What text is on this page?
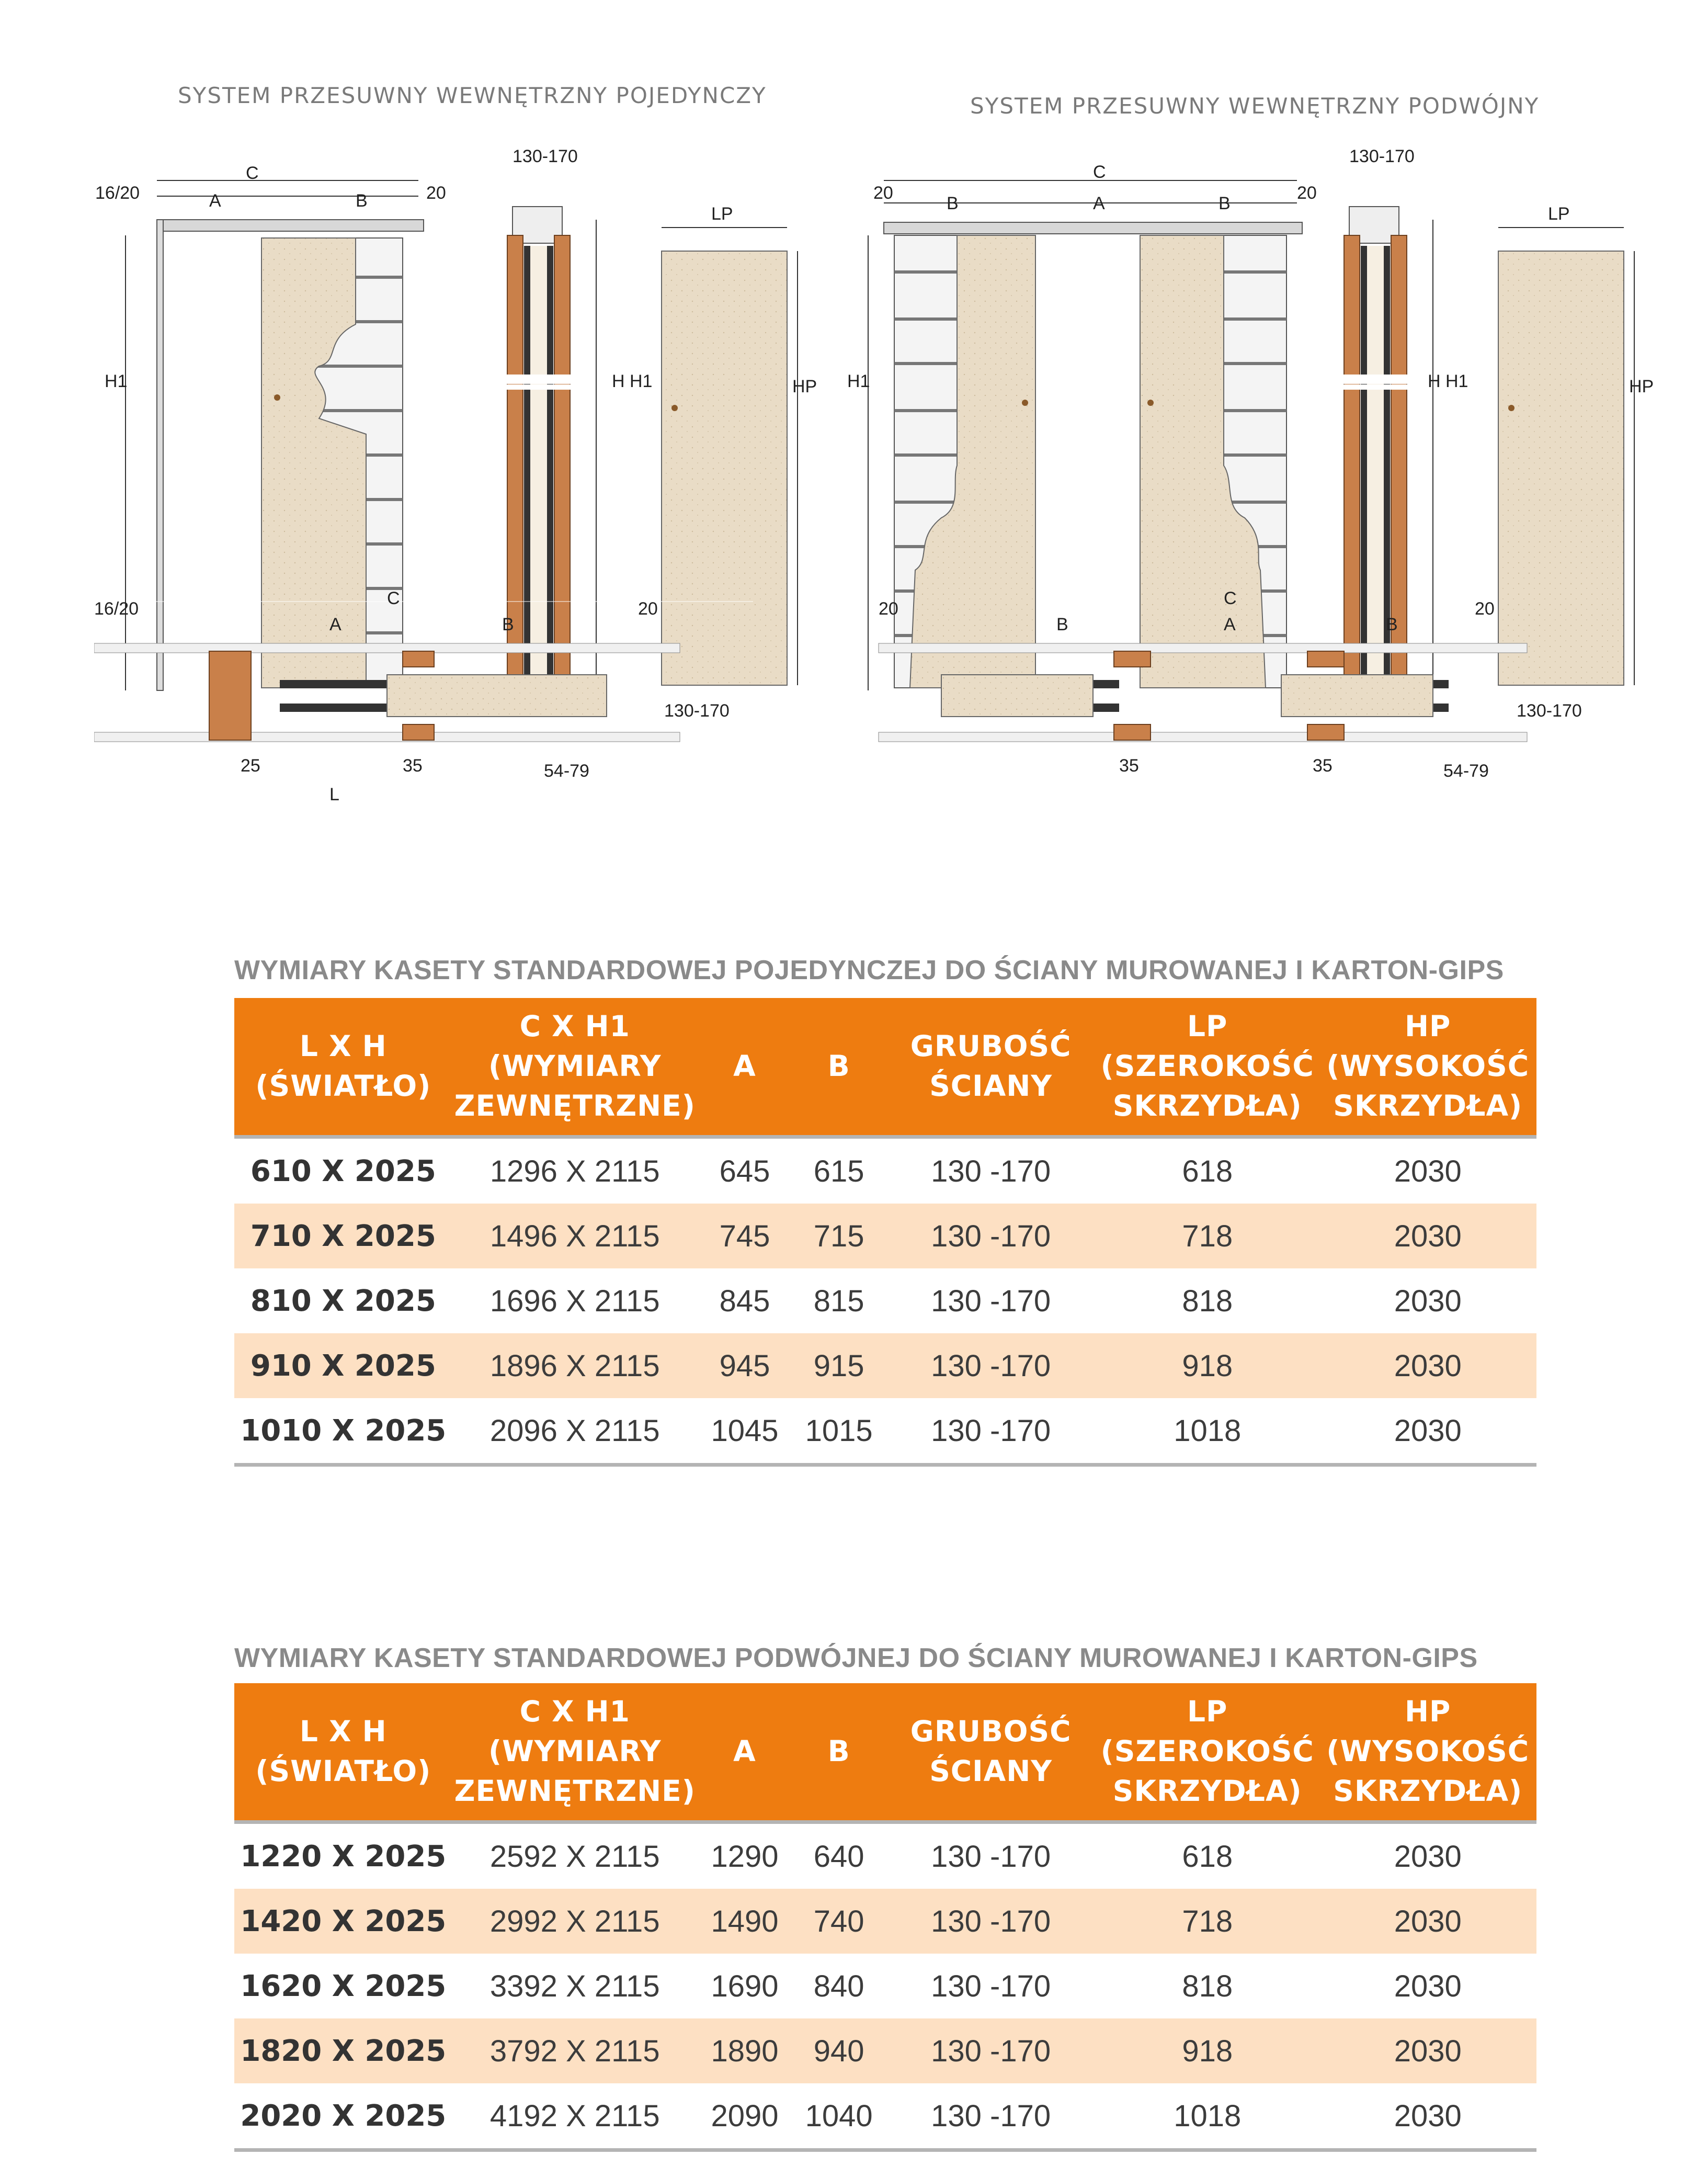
SYSTEM PRZESUWNY WEWNĘTRZNY POJEDYNCZY	SYSTEM PRZESUWNY WEWNĘTRZNY PODWÓJNY
H1
16/20
C
A	B	20
130-170
H H1
LP
HP
16/20
C
A	B
20
130-170
25
L
35	54-79
H1
20
C
B	A	B
20
130-170
H H1
LP
HP
20
C
B	A	B
20
130-170
35	35	54-79
WYMIARY KASETY STANDARDOWEJ POJEDYNCZEJ DO ŚCIANY MUROWANEJ I KARTON-GIPS
L X H
(ŚWIATŁO)	C X H1
(WYMIARY
ZEWNĘTRZNE)	A	B	GRUBOŚĆ
ŚCIANY	LP
(SZEROKOŚĆ
SKRZYDŁA)	HP
(WYSOKOŚĆ
SKRZYDŁA)
610 X 2025	1296 X 2115	645	615	130 -170	618	2030
710 X 2025	1496 X 2115	745	715	130 -170	718	2030
810 X 2025	1696 X 2115	845	815	130 -170	818	2030
910 X 2025	1896 X 2115	945	915	130 -170	918	2030
1010 X 2025	2096 X 2115	1045	1015	130 -170	1018	2030
WYMIARY KASETY STANDARDOWEJ PODWÓJNEJ DO ŚCIANY MUROWANEJ I KARTON-GIPS
L X H
(ŚWIATŁO)	C X H1
(WYMIARY
ZEWNĘTRZNE)	A	B	GRUBOŚĆ
ŚCIANY	LP
(SZEROKOŚĆ
SKRZYDŁA)	HP
(WYSOKOŚĆ
SKRZYDŁA)
1220 X 2025	2592 X 2115	1290	640	130 -170	618	2030
1420 X 2025	2992 X 2115	1490	740	130 -170	718	2030
1620 X 2025	3392 X 2115	1690	840	130 -170	818	2030
1820 X 2025	3792 X 2115	1890	940	130 -170	918	2030
2020 X 2025	4192 X 2115	2090	1040	130 -170	1018	2030
